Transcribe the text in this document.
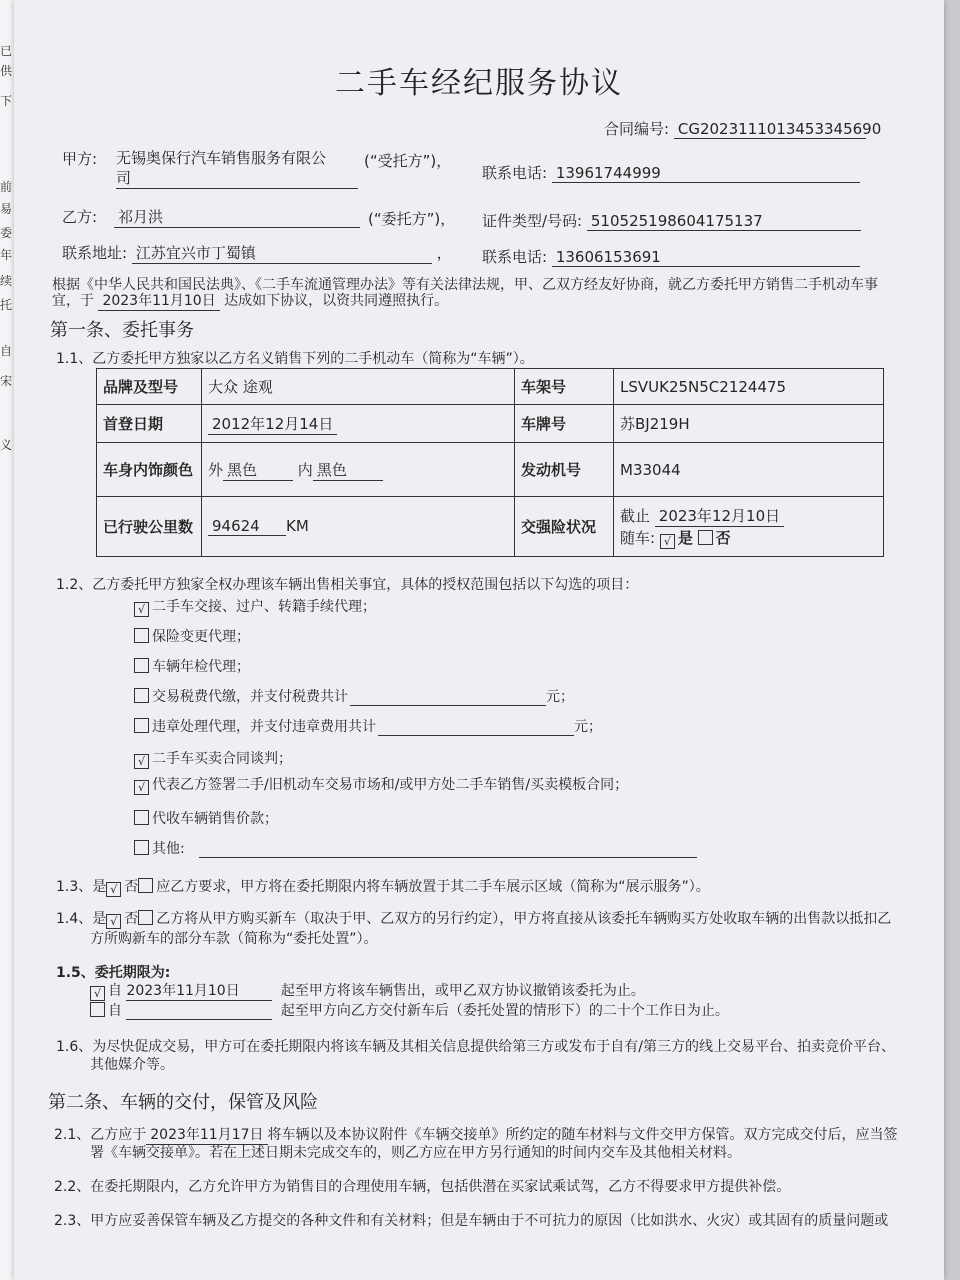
已
供
下
前
易
委
年
续
托
自
宋
义
二手车经纪服务协议
合同编号: CG2023111013453345690
甲方: 无锡奥保行汽车销售服务有限公
司
(“受托方”)，
联系电话: 13961744999
乙方: 祁月洪	(“委托方”)， 证件类型/号码: 510525198604175137
联系地址: 江苏宜兴市丁蜀镇	， 联系电话: 13606153691
根据《中华人民共和国民法典》、《二手车流通管理办法》等有关法律法规，甲、乙双方经友好协商，就乙方委托甲方销售二手机动车事
宜，于 2023年11月10日 达成如下协议，以资共同遵照执行。
第一条、委托事务
1.1、乙方委托甲方独家以乙方名义销售下列的二手机动车（简称为“车辆”）。
品牌及型号	大众 途观	车架号	LSVUK25N5C2124475
首登日期	2012年12月14日	车牌号	苏BJ219H
车身内饰颜色	外 黑色 内 黑色	发动机号	M33044
已行驶公里数	94624 KM	交强险状况	截止 2023年12月10日
随车: √ 是 否
1.2、乙方委托甲方独家全权办理该车辆出售相关事宜，具体的授权范围包括以下勾选的项目：
1.3、是 √ 否 应乙方要求，甲方将在委托期限内将车辆放置于其二手车展示区域（简称为“展示服务”）。
1.4、是 √ 否 乙方将从甲方购买新车（取决于甲、乙双方的另行约定），甲方将直接从该委托车辆购买方处收取车辆的出售款以抵扣乙
方所购新车的部分车款（简称为“委托处置”）。
1.5、委托期限为:
√ 自 2023年11月10日	起至甲方将该车辆售出，或甲乙双方协议撤销该委托为止。
自	起至甲方向乙方交付新车后（委托处置的情形下）的二十个工作日为止。
1.6、为尽快促成交易，甲方可在委托期限内将该车辆及其相关信息提供给第三方或发布于自有/第三方的线上交易平台、拍卖竞价平台、
其他媒介等。
第二条、车辆的交付，保管及风险
2.1、乙方应于 2023年11月17日 将车辆以及本协议附件《车辆交接单》所约定的随车材料与文件交甲方保管。双方完成交付后，应当签
署《车辆交接单》。若在上述日期未完成交车的，则乙方应在甲方另行通知的时间内交车及其他相关材料。
2.2、在委托期限内，乙方允许甲方为销售目的合理使用车辆，包括供潜在买家试乘试驾，乙方不得要求甲方提供补偿。
2.3、甲方应妥善保管车辆及乙方提交的各种文件和有关材料；但是车辆由于不可抗力的原因（比如洪水、火灾）或其固有的质量问题或
√ 二手车交接、过户、转籍手续代理；
保险变更代理；
车辆年检代理；
交易税费代缴，并支付税费共计	元；
违章处理代理，并支付违章费用共计	元；
√ 二手车买卖合同谈判；
√ 代表乙方签署二手/旧机动车交易市场和/或甲方处二手车销售/买卖模板合同；
代收车辆销售价款；
其他:
